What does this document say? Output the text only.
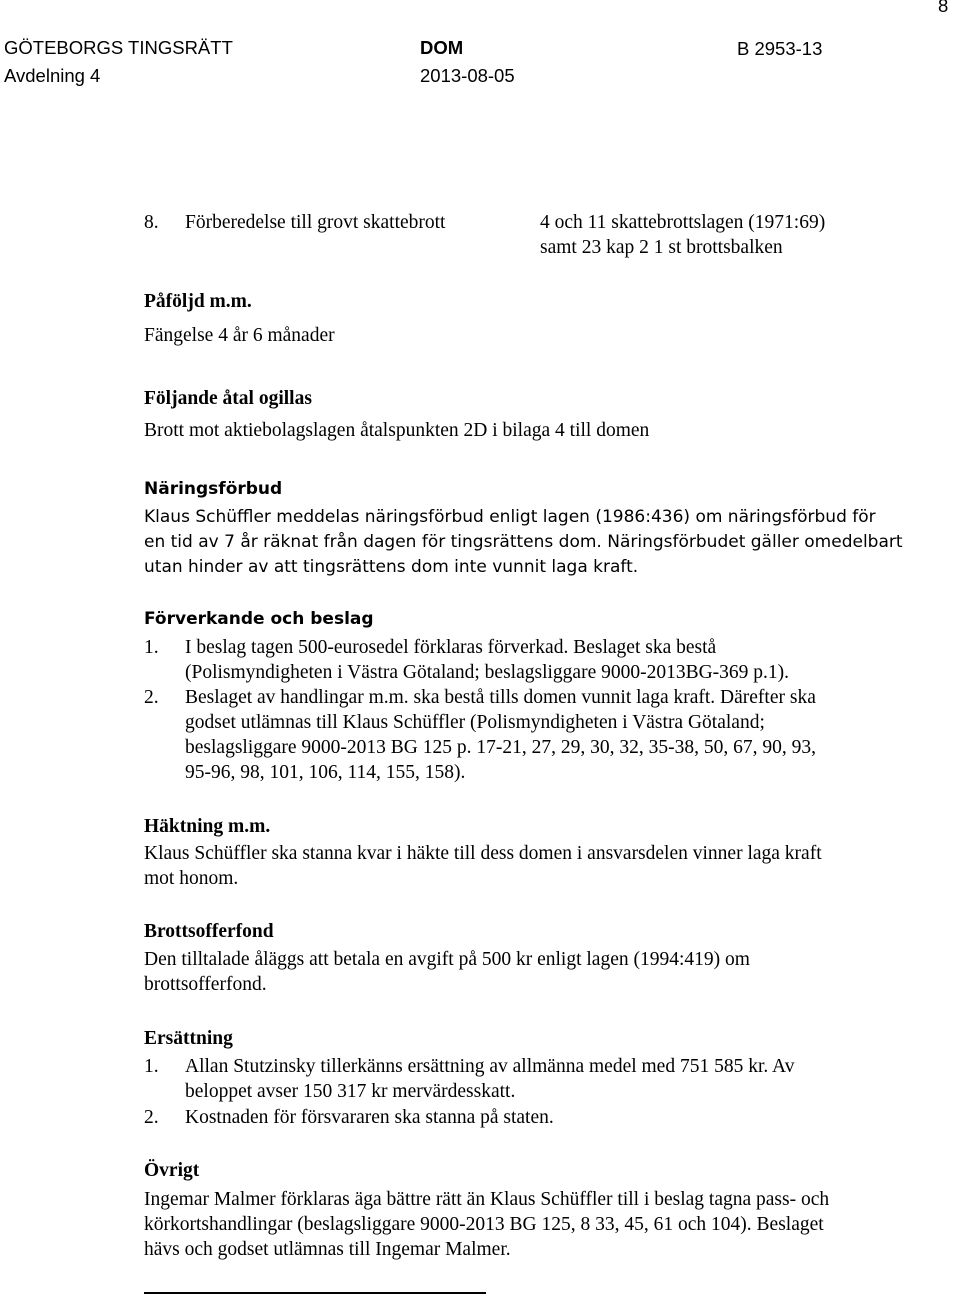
8
GÖTEBORGS TINGSRÄTT
Avdelning 4
DOM
2013-08-05
B 2953-13
8. Förberedelse till grovt skattebrott	4 och 11 skattebrottslagen (1971:69)
samt 23 kap 2 1 st brottsbalken
Påföljd m.m.
Fängelse 4 år 6 månader
Följande åtal ogillas
Brott mot aktiebolagslagen åtalspunkten 2D i bilaga 4 till domen
Näringsförbud
Klaus Schüffler meddelas näringsförbud enligt lagen (1986:436) om näringsförbud för
en tid av 7 år räknat från dagen för tingsrättens dom. Näringsförbudet gäller omedelbart
utan hinder av att tingsrättens dom inte vunnit laga kraft.
Förverkande och beslag
1. I beslag tagen 500-eurosedel förklaras förverkad. Beslaget ska bestå
(Polismyndigheten i Västra Götaland; beslagsliggare 9000-2013BG-369 p.1).
2. Beslaget av handlingar m.m. ska bestå tills domen vunnit laga kraft. Därefter ska
godset utlämnas till Klaus Schüffler (Polismyndigheten i Västra Götaland;
beslagsliggare 9000-2013 BG 125 p. 17-21, 27, 29, 30, 32, 35-38, 50, 67, 90, 93,
95-96, 98, 101, 106, 114, 155, 158).
Häktning m.m.
Klaus Schüffler ska stanna kvar i häkte till dess domen i ansvarsdelen vinner laga kraft
mot honom.
Brottsofferfond
Den tilltalade åläggs att betala en avgift på 500 kr enligt lagen (1994:419) om
brottsofferfond.
Ersättning
1. Allan Stutzinsky tillerkänns ersättning av allmänna medel med 751 585 kr. Av
beloppet avser 150 317 kr mervärdesskatt.
2. Kostnaden för försvararen ska stanna på staten.
Övrigt
Ingemar Malmer förklaras äga bättre rätt än Klaus Schüffler till i beslag tagna pass- och
körkortshandlingar (beslagsliggare 9000-2013 BG 125, 8 33, 45, 61 och 104). Beslaget
hävs och godset utlämnas till Ingemar Malmer.
